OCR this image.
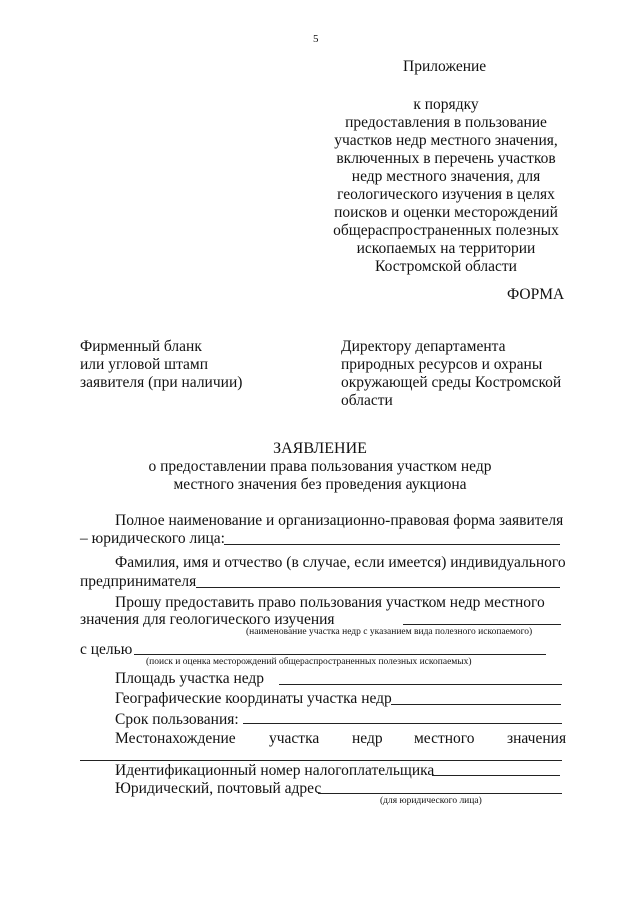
5
Приложение
к порядку
предоставления в пользование
участков недр местного значения,
включенных в перечень участков
недр местного значения, для
геологического изучения в целях
поисков и оценки месторождений
общераспространенных полезных
ископаемых на территории
Костромской области
ФОРМА
Фирменный бланк
или угловой штамп
заявителя (при наличии)
Директору департамента
природных ресурсов и охраны
окружающей среды Костромской
области
ЗАЯВЛЕНИЕ
о предоставлении права пользования участком недр
местного значения без проведения аукциона
Полное наименование и организационно-правовая форма заявителя
– юридического лица:
Фамилия, имя и отчество (в случае, если имеется) индивидуального
предпринимателя
Прошу предоставить право пользования участком недр местного
значения для геологического изучения
(наименование участка недр с указанием вида полезного ископаемого)
с целью
(поиск и оценка месторождений общераспространенных полезных ископаемых)
Площадь участка недр
Географические координаты участка недр
Срок пользования:
Местонахождение участка недр местного значения
Идентификационный номер налогоплательщика
Юридический, почтовый адрес
(для юридического лица)
